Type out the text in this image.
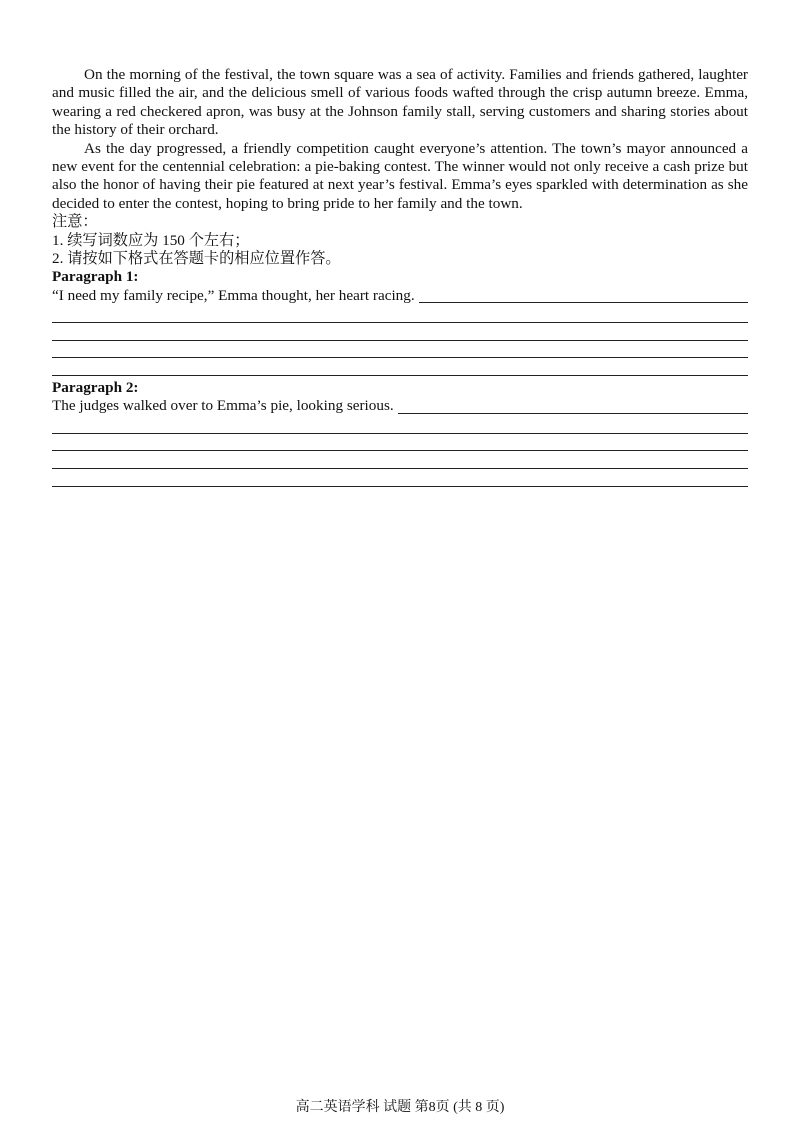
On the morning of the festival, the town square was a sea of activity. Families and friends gathered, laughter and music filled the air, and the delicious smell of various foods wafted through the crisp autumn breeze. Emma, wearing a red checkered apron, was busy at the Johnson family stall, serving customers and sharing stories about the history of their orchard.

As the day progressed, a friendly competition caught everyone’s attention. The town’s mayor announced a new event for the centennial celebration: a pie-baking contest. The winner would not only receive a cash prize but also the honor of having their pie featured at next year’s festival. Emma’s eyes sparkled with determination as she decided to enter the contest, hoping to bring pride to her family and the town.

注意：

1. 续写词数应为 150 个左右；

2. 请按如下格式在答题卡的相应位置作答。

Paragraph 1:

“I need my family recipe,” Emma thought, her heart racing.

Paragraph 2:

The judges walked over to Emma’s pie, looking serious.
高二英语学科 试题 第8页 (共 8 页)
